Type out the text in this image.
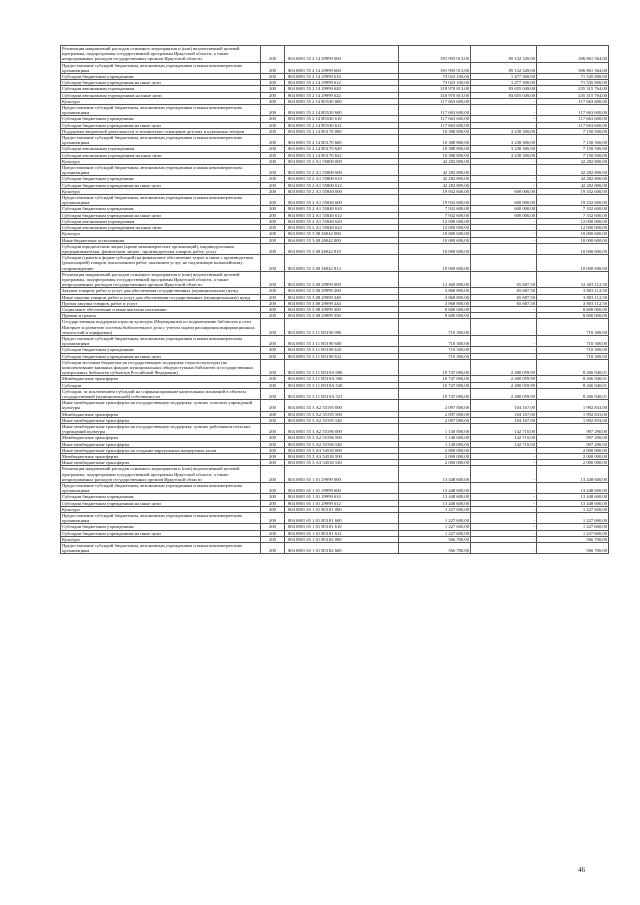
Реализация направлений расходов основного мероприятия и (или) ведомственной целевой программы, подпрограммы государственной программы Иркутской области, а также непрограммных расходов государственных органов Иркутской области	200	804 0801 55 2 14 29999 000	391 993 913,00	85 132 349,00	306 861 564,00
Предоставление субсидий бюджетным, автономным учреждениям и иным некоммерческим организациям	200	804 0801 55 2 14 29999 600	391 993 913,00	85 132 349,00	306 861 564,00
Субсидии бюджетным учреждениям	200	804 0801 55 2 14 29999 610	73 023 100,00	1 477 300,00	71 545 800,00
Субсидии бюджетным учреждениям на иные цели	200	804 0801 55 2 14 29999 612	73 023 100,00	1 477 300,00	71 545 800,00
Субсидии автономным учреждениям	200	804 0801 55 2 14 29999 620	318 970 813,00	83 655 049,00	235 315 764,00
Субсидии автономным учреждениям на иные цели	200	804 0801 55 2 14 29999 622	318 970 813,00	83 655 049,00	235 315 764,00
Культура	200	804 0801 55 2 14 R5530 000	117 663 600,00	-	117 663 600,00
Предоставление субсидий бюджетным, автономным учреждениям и иным некоммерческим организациям	200	804 0801 55 2 14 R5530 600	117 663 600,00	-	117 663 600,00
Субсидии бюджетным учреждениям	200	804 0801 55 2 14 R5530 610	117 663 600,00	-	117 663 600,00
Субсидии бюджетным учреждениям на иные цели	200	804 0801 55 2 14 R5530 612	117 663 600,00	-	117 663 600,00
Поддержка творческой деятельности и техническое оснащение детских и кукольных театров	200	804 0801 55 2 14 R5170 000	10 388 800,00	3 238 300,00	7 150 500,00
Предоставление субсидий бюджетным, автономным учреждениям и иным некоммерческим организациям	200	804 0801 55 2 14 R5170 600	10 388 800,00	3 238 300,00	7 150 500,00
Субсидии автономным учреждениям	200	804 0801 55 2 14 R5170 620	10 388 800,00	3 238 300,00	7 150 500,00
Субсидии автономным учреждениям на иные цели	200	804 0801 55 2 14 R5170 622	10 388 800,00	3 238 300,00	7 150 500,00
Культура	200	804 0801 55 2 А1 55800 000	42 282 800,00	-	42 282 800,00
Предоставление субсидий бюджетным, автономным учреждениям и иным некоммерческим организациям	200	804 0801 55 2 А1 55800 600	42 282 800,00	-	42 282 800,00
Субсидии бюджетным учреждениям	200	804 0801 55 2 А1 55800 610	42 282 800,00	-	42 282 800,00
Субсидии бюджетным учреждениям на иные цели	200	804 0801 55 2 А1 55800 612	42 282 800,00	-	42 282 800,00
Культура	200	804 0801 55 2 А1 55840 000	19 932 600,00	600 000,00	19 332 600,00
Предоставление субсидий бюджетным, автономным учреждениям и иным некоммерческим организациям	200	804 0801 55 2 А1 55840 600	19 932 600,00	600 000,00	19 332 600,00
Субсидии бюджетным учреждениям	200	804 0801 55 2 А1 55840 610	7 932 600,00	600 000,00	7 332 600,00
Субсидии бюджетным учреждениям на иные цели	200	804 0801 55 2 А1 55840 612	7 932 600,00	600 000,00	7 332 600,00
Субсидии автономным учреждениям	200	804 0801 55 2 А1 55840 620	12 000 000,00	-	12 000 000,00
Субсидии автономным учреждениям на иные цели	200	804 0801 55 2 А1 55840 622	12 000 000,00	-	12 000 000,00
Культура	200	804 0801 55 3 08 26042 000	10 000 600,00	-	10 000 600,00
Иные бюджетные ассигнования	200	804 0801 55 3 08 26042 800	10 000 600,00	-	10 000 600,00
Субсидии юридическим лицам (кроме некоммерческих организаций), индивидуальным предпринимателям, физическим лицам - производителям товаров, работ, услуг	200	804 0801 55 3 08 26042 810	10 000 600,00	-	10 000 600,00
Субсидии (гранты в форме субсидий) на финансовое обеспечение затрат в связи с производством (реализацией) товаров, выполнением работ, оказанием услуг, не подлежащие казначейскому сопровождению	200	804 0801 55 3 08 26042 813	10 000 600,00	-	10 000 600,00
Реализация направлений расходов основного мероприятия и (или) ведомственной целевой программы, подпрограммы государственной программы Иркутской области, а также непрограммных расходов государственных органов Иркутской области	200	804 0801 55 3 08 29999 000	12 468 800,00	65 687,50	12 403 112,50
Закупка товаров, работ и услуг для обеспечения государственных (муниципальных) нужд	200	804 0801 55 3 08 29999 200	3 868 800,00	65 687,50	3 803 112,50
Иные закупки товаров, работ и услуг для обеспечения государственных (муниципальных) нужд	200	804 0801 55 3 08 29999 240	3 868 800,00	65 687,50	3 803 112,50
Прочая закупка товаров, работ и услуг	200	804 0801 55 3 08 29999 244	3 868 800,00	65 687,50	3 803 112,50
Социальное обеспечение и иные выплаты населению	200	804 0801 55 3 08 29999 300	8 600 000,00	-	8 600 000,00
Премии и гранты	200	804 0801 55 3 08 29999 350	8 600 000,00	-	8 600 000,00
Государственная поддержка отрасли культуры (Мероприятия по подключению библиотек к сети Интернет и развитию системы библиотечного дела с учетом задачи расширения информационных технологий и оцифровки)	200	804 0801 55 3 11 R5190 000	710 300,00	-	710 300,00
Предоставление субсидий бюджетным, автономным учреждениям и иным некоммерческим организациям	200	804 0801 55 3 11 R5190 600	710 300,00	-	710 300,00
Субсидии бюджетным учреждениям	200	804 0801 55 3 11 R5190 610	710 300,00	-	710 300,00
Субсидии бюджетным учреждениям на иные цели	200	804 0801 55 3 11 R5190 612	710 300,00	-	710 300,00
Субсидии местным бюджетам на государственную поддержку отрасли культуры (на комплектование книжных фондов муниципальных общедоступных библиотек и государственных центральных библиотек субъектов Российской Федерации)	200	804 0801 55 3 11 R519А 000	10 747 000,00	2 480 059,99	8 266 940,01
Межбюджетные трансферты	200	804 0801 55 3 11 R519А 500	10 747 000,00	2 480 059,99	8 266 940,01
Субсидии	200	804 0801 55 3 11 R519А 520	10 747 000,00	2 480 059,99	8 266 940,01
Субсидии, за исключением субсидий на софинансирование капитальных вложений в объекты государственной (муниципальной) собственности	200	804 0801 55 3 11 R519А 521	10 747 000,00	2 480 059,99	8 266 940,01
Иные межбюджетные трансферты на государственную поддержку лучших сельских учреждений культуры	200	804 0801 55 3 А2 55195 000	2 097 000,00	104 167,00	1 992 833,00
Межбюджетные трансферты	200	804 0801 55 3 А2 55195 500	2 097 000,00	104 167,00	1 992 833,00
Иные межбюджетные трансферты	200	804 0801 55 3 А2 55195 540	2 097 000,00	104 167,00	1 992 833,00
Иные межбюджетные трансферты на государственную поддержку лучших работников сельских учреждений культуры	200	804 0801 55 3 А2 55196 000	1 140 000,00	142 710,00	997 290,00
Межбюджетные трансферты	200	804 0801 55 3 А2 55196 500	1 140 000,00	142 710,00	997 290,00
Иные межбюджетные трансферты	200	804 0801 55 3 А2 55196 540	1 140 000,00	142 710,00	997 290,00
Иные межбюджетные трансферты на создание виртуальных концертных залов	200	804 0801 55 3 А3 54530 000	2 000 000,00	-	2 000 000,00
Межбюджетные трансферты	200	804 0801 55 3 А3 54530 500	2 000 000,00	-	2 000 000,00
Иные межбюджетные трансферты	200	804 0801 55 3 А3 54530 540	2 000 000,00	-	2 000 000,00
Реализация направлений расходов основного мероприятия и (или) ведомственной целевой программы, подпрограммы государственной программы Иркутской области, а также непрограммных расходов государственных органов Иркутской области	200	804 0801 65 1 01 29999 000	13 448 600,00	-	13 448 600,00
Предоставление субсидий бюджетным, автономным учреждениям и иным некоммерческим организациям	200	804 0801 65 1 01 29999 600	13 448 600,00	-	13 448 600,00
Субсидии бюджетным учреждениям	200	804 0801 65 1 01 29999 610	13 448 600,00	-	13 448 600,00
Субсидии бюджетным учреждениям на иные цели	200	804 0801 65 1 01 29999 612	13 448 600,00	-	13 448 600,00
Культура	200	804 0801 65 1 01 R5181 000	1 227 600,00	-	1 227 600,00
Предоставление субсидий бюджетным, автономным учреждениям и иным некоммерческим организациям	200	804 0801 65 1 01 R5181 600	1 227 600,00	-	1 227 600,00
Субсидии бюджетным учреждениям	200	804 0801 65 1 01 R5181 610	1 227 600,00	-	1 227 600,00
Субсидии бюджетным учреждениям на иные цели	200	804 0801 65 1 01 R5181 612	1 227 600,00	-	1 227 600,00
Культура	200	804 0801 65 1 01 R5182 000	566 700,00	-	566 700,00
Предоставление субсидий бюджетным, автономным учреждениям и иным некоммерческим организациям	200	804 0801 65 1 01 R5182 600	566 700,00	-	566 700,00
46
